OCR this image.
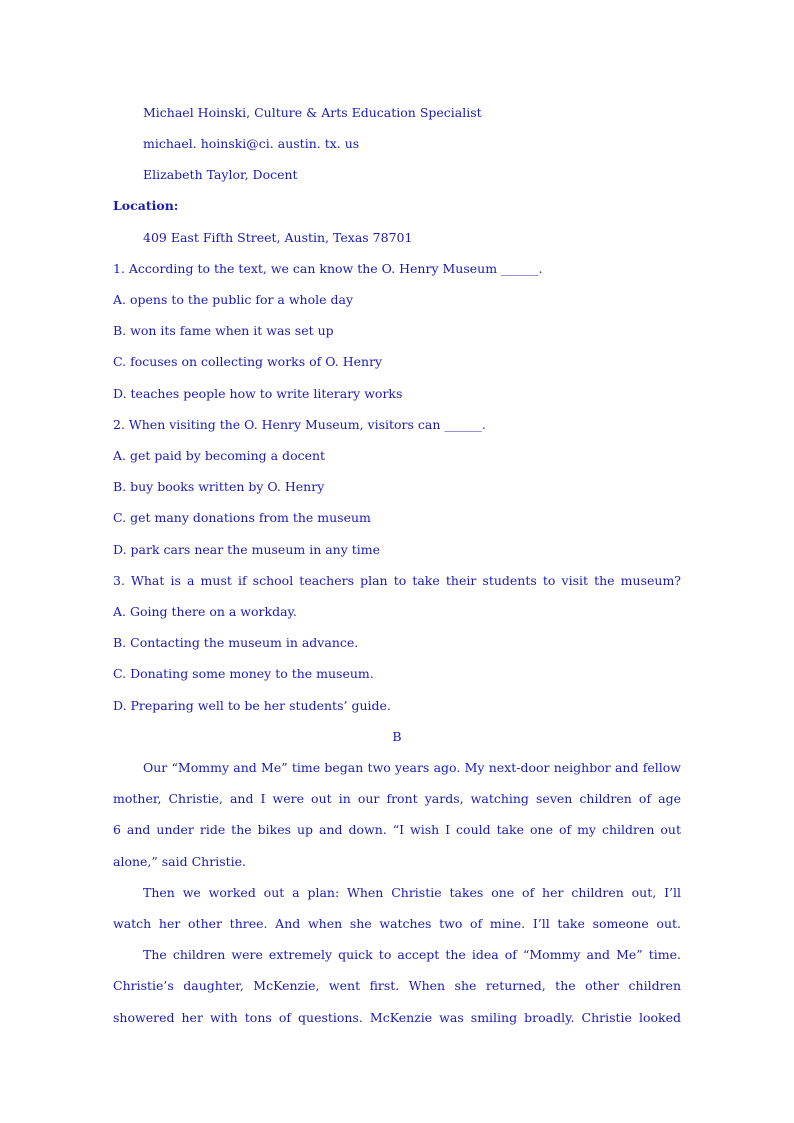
Michael Hoinski, Culture & Arts Education Specialist
michael. hoinski@ci. austin. tx. us
Elizabeth Taylor, Docent
Location:
409 East Fifth Street, Austin, Texas 78701
1. According to the text, we can know the O. Henry Museum ______.
A. opens to the public for a whole day
B. won its fame when it was set up
C. focuses on collecting works of O. Henry
D. teaches people how to write literary works
2. When visiting the O. Henry Museum, visitors can ______.
A. get paid by becoming a docent
B. buy books written by O. Henry
C. get many donations from the museum
D. park cars near the museum in any time
3. What is a must if school teachers plan to take their students to visit the museum?
A. Going there on a workday.
B. Contacting the museum in advance.
C. Donating some money to the museum.
D. Preparing well to be her students’ guide.
B
Our “Mommy and Me” time began two years ago. My next-door neighbor and fellow
mother, Christie, and I were out in our front yards, watching seven children of age
6 and under ride the bikes up and down. “I wish I could take one of my children out
alone,” said Christie.
Then we worked out a plan: When Christie takes one of her children out, I’ll
watch her other three. And when she watches two of mine. I’ll take someone out.
The children were extremely quick to accept the idea of “Mommy and Me” time.
Christie’s daughter, McKenzie, went first. When she returned, the other children
showered her with tons of questions. McKenzie was smiling broadly. Christie looked
